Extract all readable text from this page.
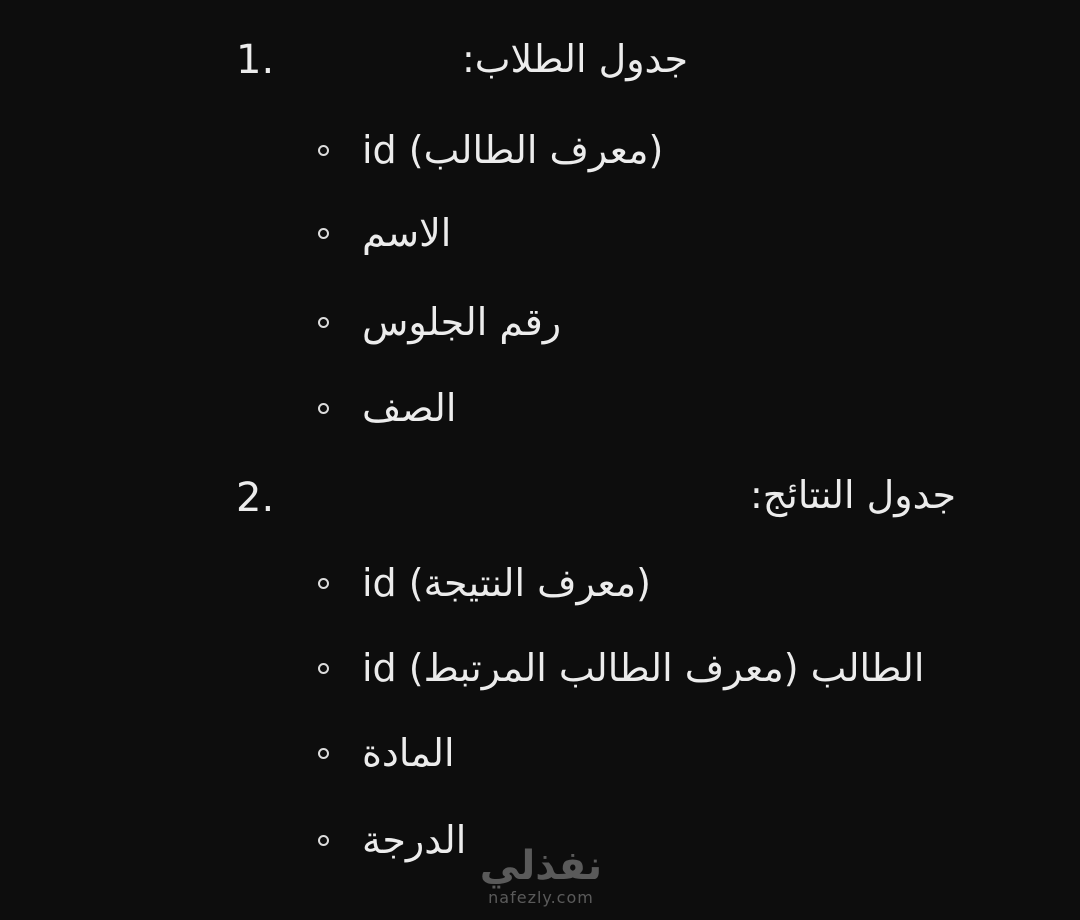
1.	جدول الطلاب:
id (معرف الطالب)
الاسم
رقم الجلوس
الصف
2.	جدول النتائج:
id (معرف النتيجة)
الطالب (معرف الطالب المرتبط) id
المادة
الدرجة
نفذلي
nafezly.com
